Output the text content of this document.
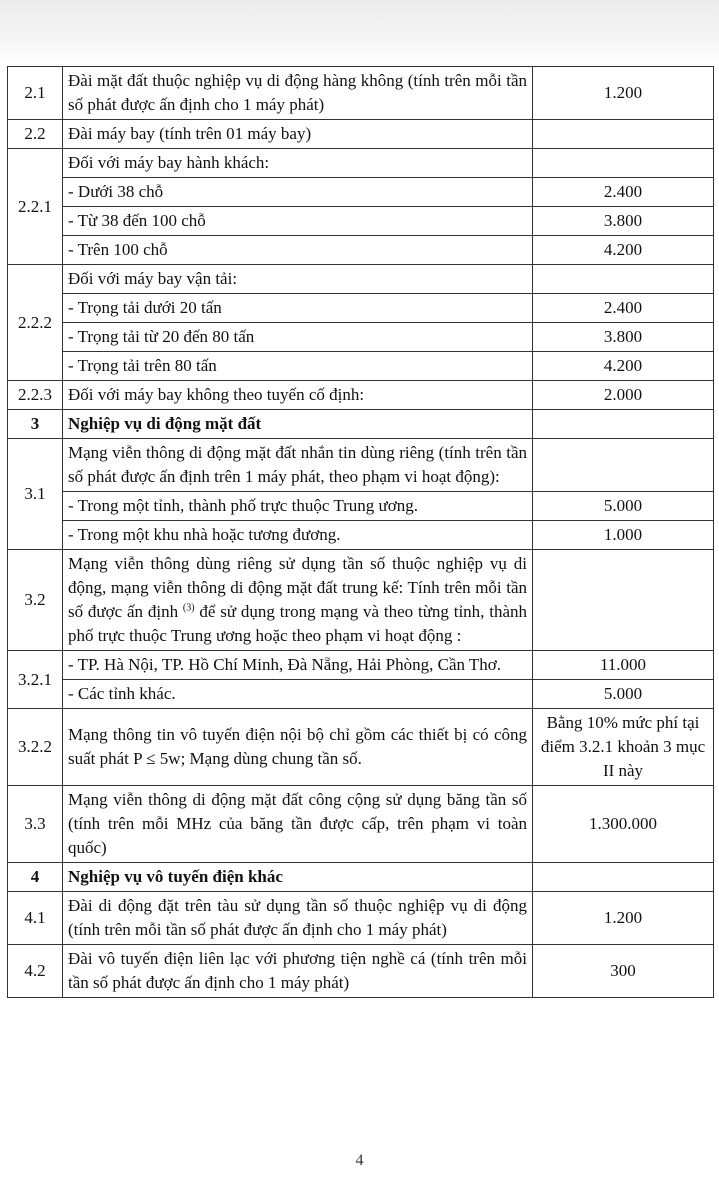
2.1	Đài mặt đất thuộc nghiệp vụ di động hàng không (tính trên mỗi tần số phát được ấn định cho 1 máy phát)	1.200
2.2	Đài máy bay (tính trên 01 máy bay)	
2.2.1	Đối với máy bay hành khách:	
	- Dưới 38 chỗ	2.400
	- Từ 38 đến 100 chỗ	3.800
	- Trên 100 chỗ	4.200
2.2.2	Đối với máy bay vận tải:	
	- Trọng tải dưới 20 tấn	2.400
	- Trọng tải từ 20 đến 80 tấn	3.800
	- Trọng tải trên 80 tấn	4.200
2.2.3	Đối với máy bay không theo tuyến cố định:	2.000
3	Nghiệp vụ di động mặt đất	
3.1	Mạng viễn thông di động mặt đất nhắn tin dùng riêng (tính trên tần số phát được ấn định trên 1 máy phát, theo phạm vi hoạt động):	
	- Trong một tỉnh, thành phố trực thuộc Trung ương.	5.000
	- Trong một khu nhà hoặc tương đương.	1.000
3.2	Mạng viễn thông dùng riêng sử dụng tần số thuộc nghiệp vụ di động, mạng viễn thông di động mặt đất trung kế: Tính trên mỗi tần số được ấn định $^{(3)}$ để sử dụng trong mạng và theo từng tỉnh, thành phố trực thuộc Trung ương hoặc theo phạm vi hoạt động :	
3.2.1	- TP. Hà Nội, TP. Hồ Chí Minh, Đà Nẵng, Hải Phòng, Cần Thơ.	11.000
	- Các tỉnh khác.	5.000
3.2.2	Mạng thông tin vô tuyến điện nội bộ chỉ gồm các thiết bị có công suất phát P ≤ 5w; Mạng dùng chung tần số.	Bằng 10% mức phí tại điểm 3.2.1 khoản 3 mục II này
3.3	Mạng viễn thông di động mặt đất công cộng sử dụng băng tần số (tính trên mỗi MHz của băng tần được cấp, trên phạm vi toàn quốc)	1.300.000
4	Nghiệp vụ vô tuyến điện khác	
4.1	Đài di động đặt trên tàu sử dụng tần số thuộc nghiệp vụ di động (tính trên mỗi tần số phát được ấn định cho 1 máy phát)	1.200
4.2	Đài vô tuyến điện liên lạc với phương tiện nghề cá (tính trên mỗi tần số phát được ấn định cho 1 máy phát)	300
4
